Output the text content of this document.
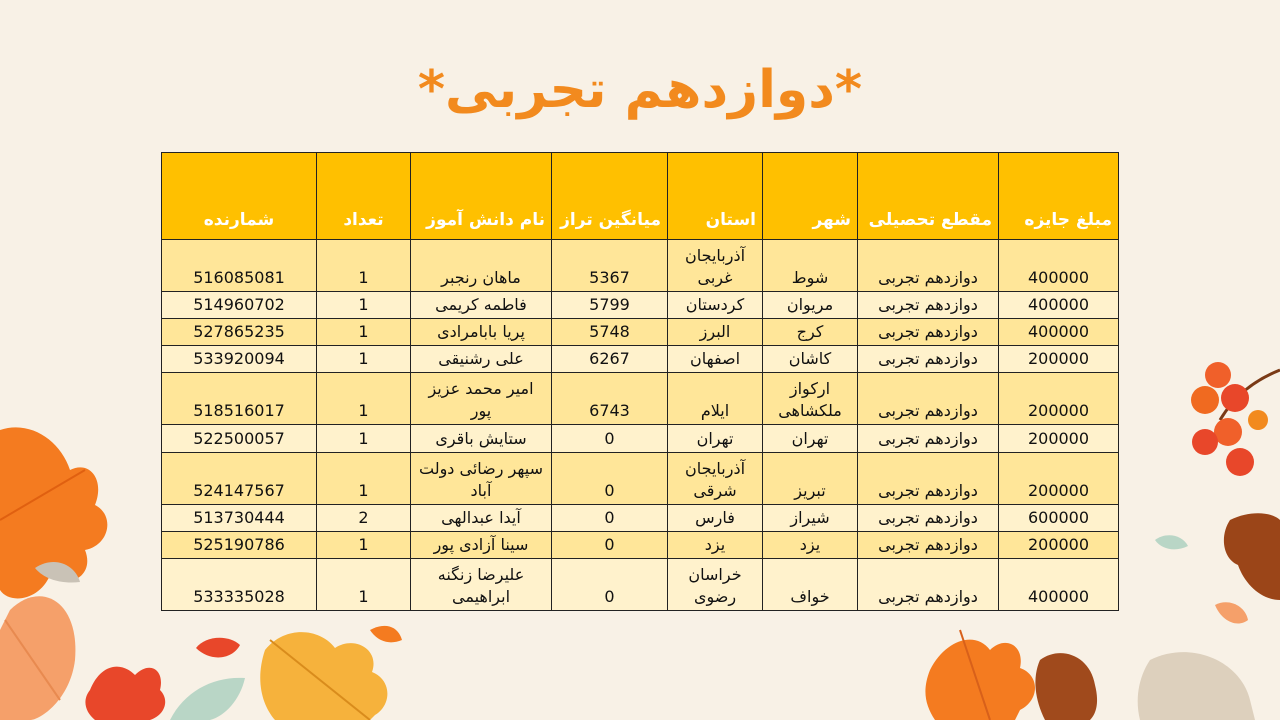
*دوازدهم تجربی*
مبلغ جایزه	مقطع تحصیلی	شهر	استان	میانگین تراز	نام دانش آموز	تعداد	شمارنده
400000	دوازدهم تجربی	شوط	آذربایجان غربی	5367	ماهان رنجبر	1	516085081
400000	دوازدهم تجربی	مریوان	کردستان	5799	فاطمه کریمی	1	514960702
400000	دوازدهم تجربی	کرج	البرز	5748	پریا بابامرادی	1	527865235
200000	دوازدهم تجربی	کاشان	اصفهان	6267	علی رشنیقی	1	533920094
200000	دوازدهم تجربی	ارکواز ملکشاهی	ایلام	6743	امیر محمد عزیز پور	1	518516017
200000	دوازدهم تجربی	تهران	تهران	0	ستایش باقری	1	522500057
200000	دوازدهم تجربی	تبریز	آذربایجان شرقی	0	سپهر رضائی دولت آباد	1	524147567
600000	دوازدهم تجربی	شیراز	فارس	0	آیدا عبدالهی	2	513730444
200000	دوازدهم تجربی	یزد	یزد	0	سینا آزادی پور	1	525190786
400000	دوازدهم تجربی	خواف	خراسان رضوی	0	علیرضا زنگنه ابراهیمی	1	533335028
